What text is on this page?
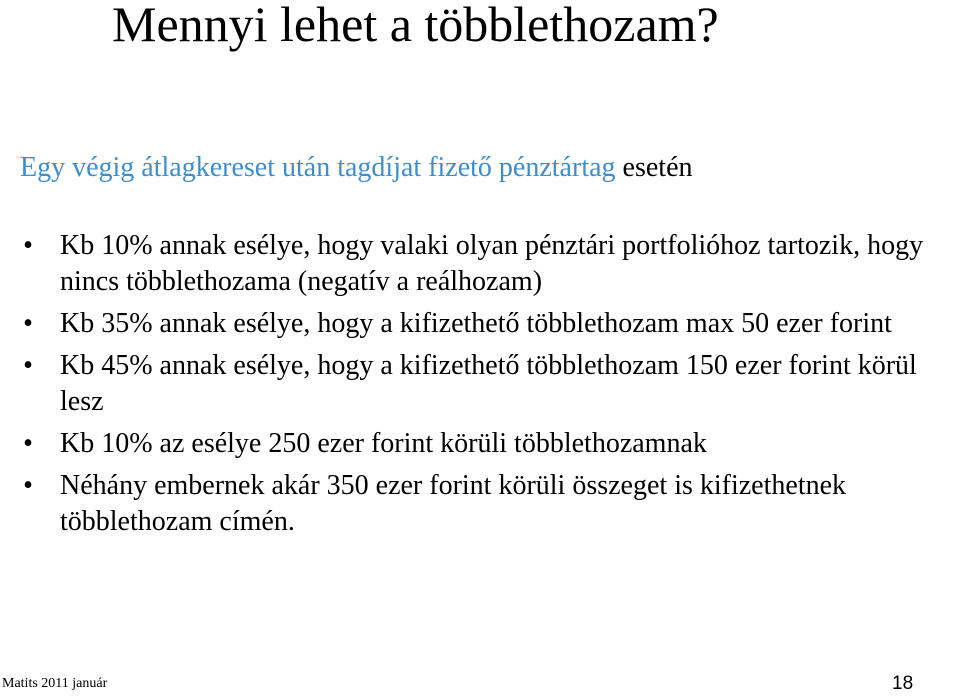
Mennyi lehet a többlethozam?

Egy végig átlagkereset után tagdíjat fizető pénztártag esetén

• Kb 10% annak esélye, hogy valaki olyan pénztári portfolióhoz tartozik, hogy nincs többlethozama (negatív a reálhozam)
• Kb 35% annak esélye, hogy a kifizethető többlethozam max 50 ezer forint
• Kb 45% annak esélye, hogy a kifizethető többlethozam 150 ezer forint körül lesz
• Kb 10% az esélye 250 ezer forint körüli többlethozamnak
• Néhány embernek akár 350 ezer forint körüli összeget is kifizethetnek többlethozam címén.
Matits 2011 január	18
